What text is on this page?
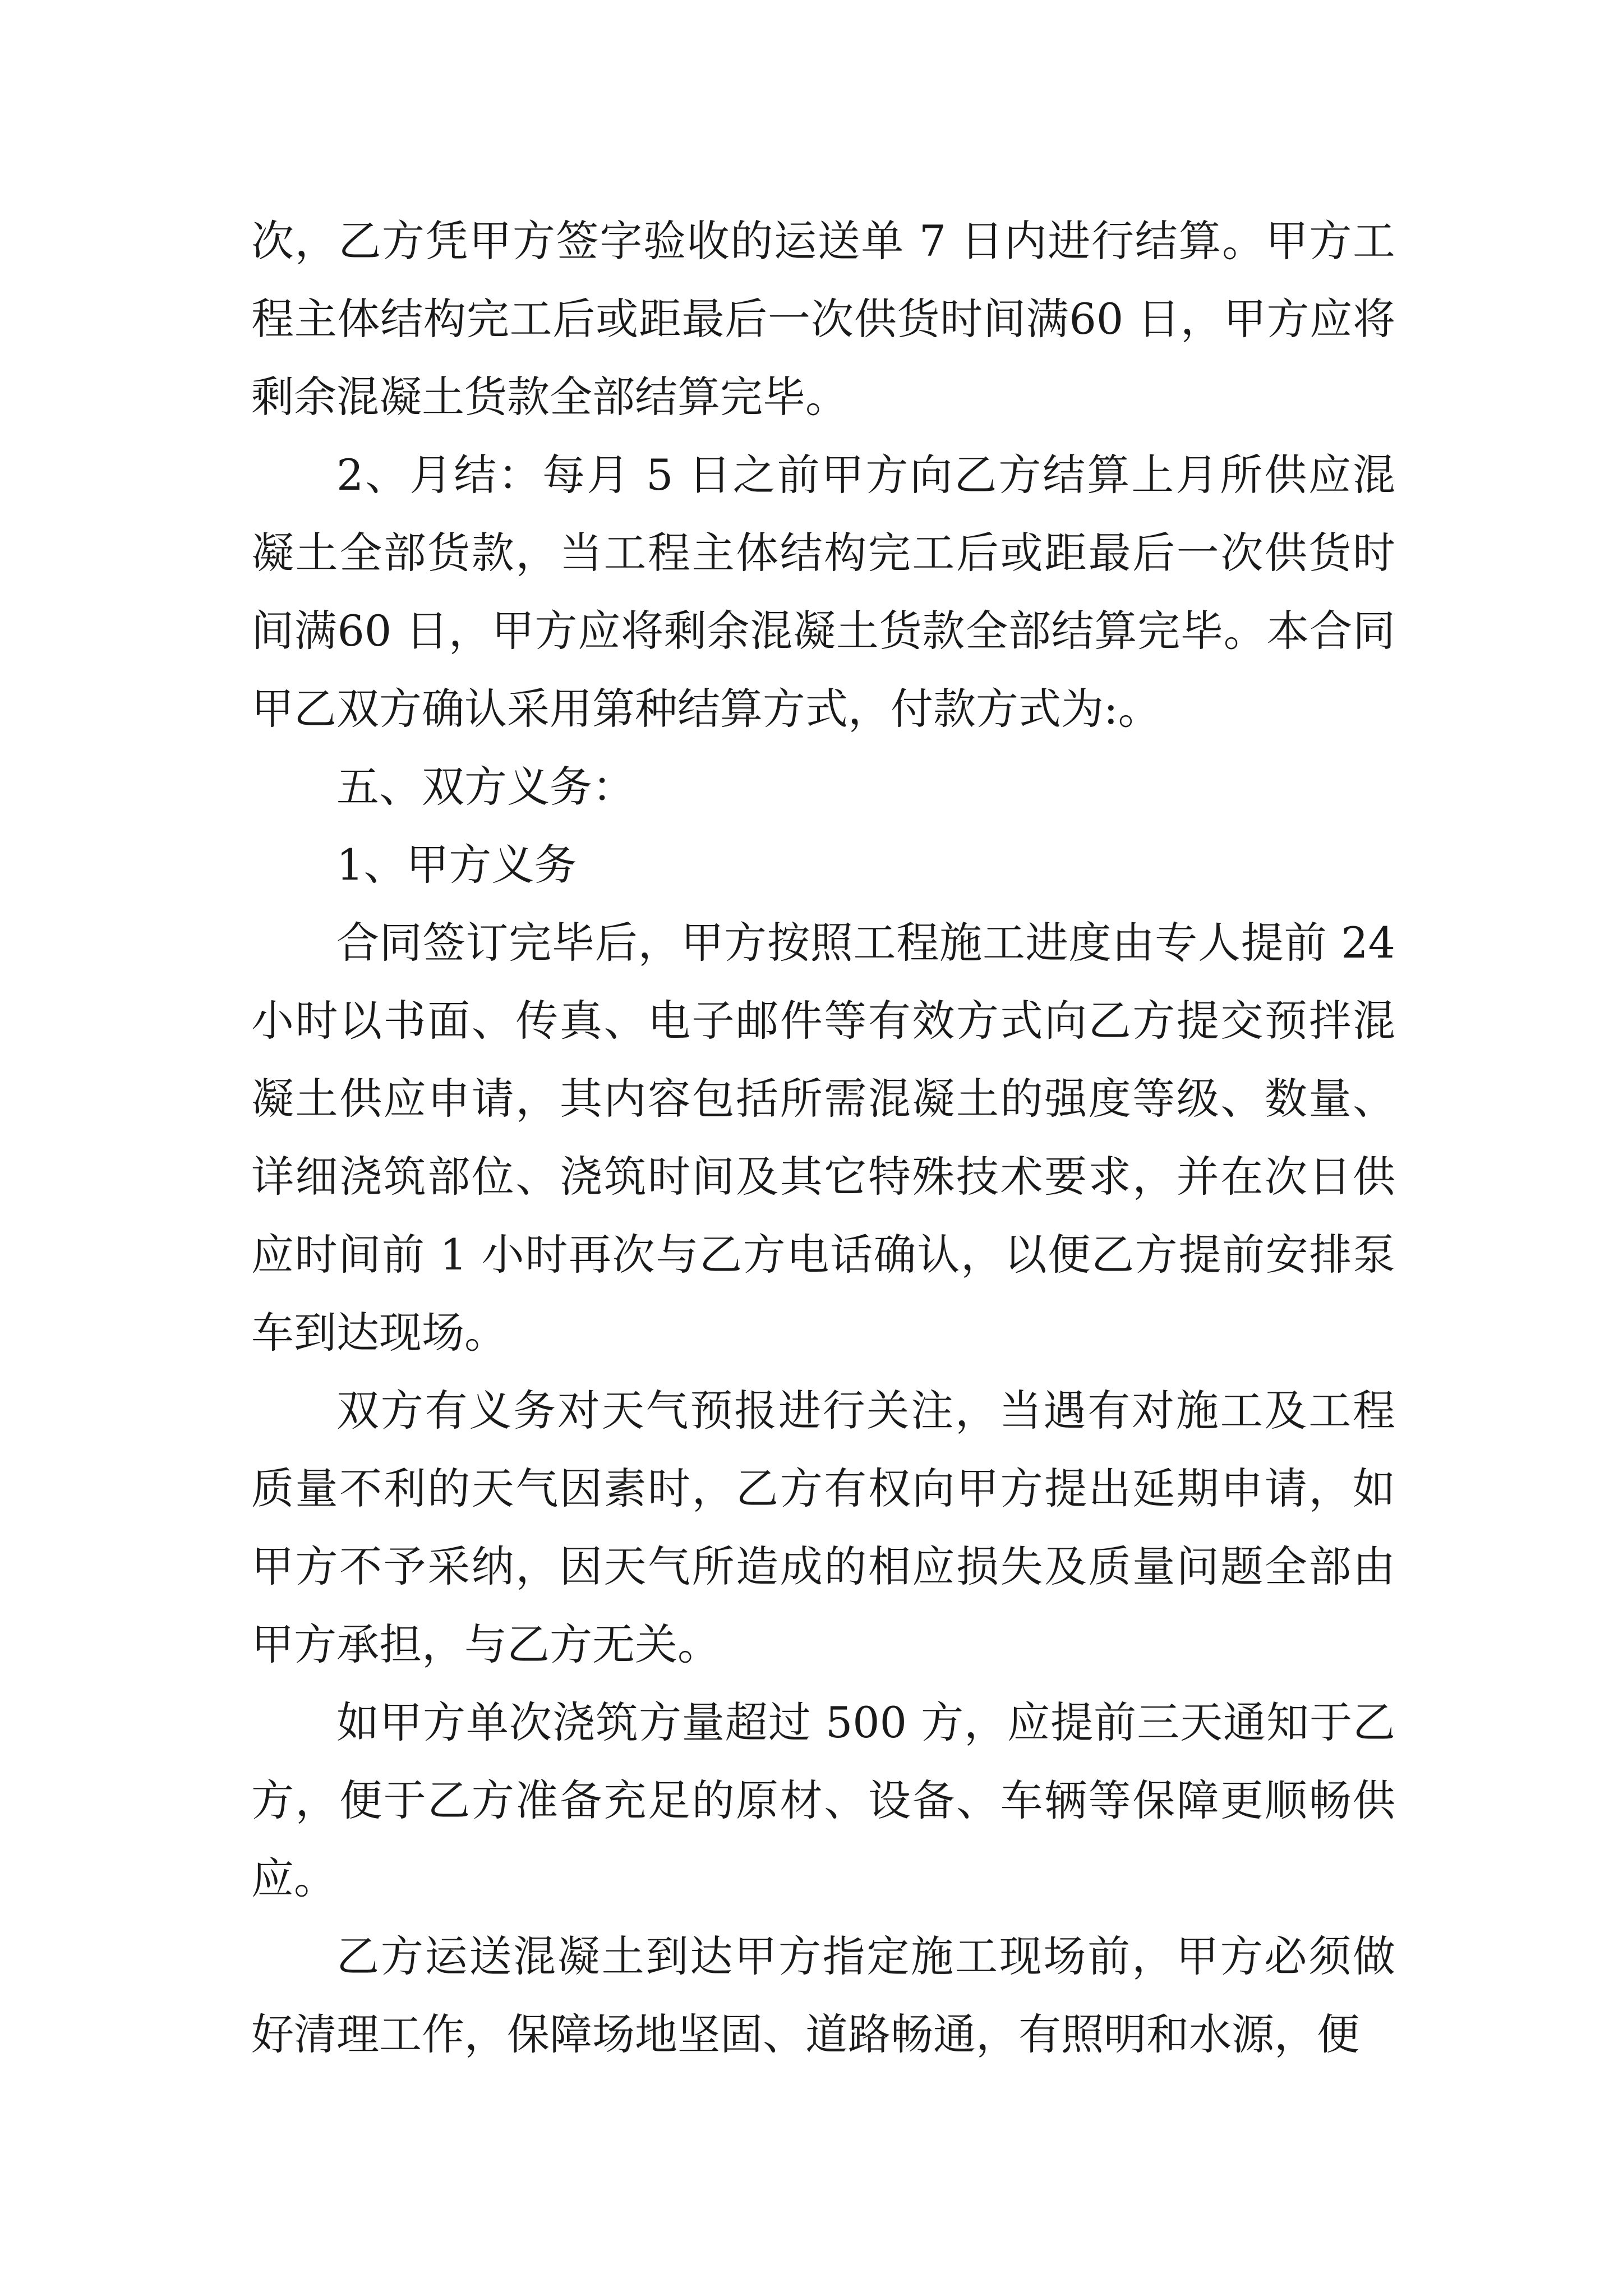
次，乙方凭甲方签字验收的运送单 7 日内进行结算。甲方工程主体结构完工后或距最后一次供货时间满60 日，甲方应将剩余混凝土货款全部结算完毕。

2、月结：每月 5 日之前甲方向乙方结算上月所供应混凝土全部货款，当工程主体结构完工后或距最后一次供货时间满60 日，甲方应将剩余混凝土货款全部结算完毕。本合同甲乙双方确认采用第种结算方式，付款方式为:。

五、双方义务：

1、甲方义务

合同签订完毕后，甲方按照工程施工进度由专人提前 24 小时以书面、传真、电子邮件等有效方式向乙方提交预拌混凝土供应申请，其内容包括所需混凝土的强度等级、数量、详细浇筑部位、浇筑时间及其它特殊技术要求，并在次日供应时间前 1 小时再次与乙方电话确认，以便乙方提前安排泵车到达现场。

双方有义务对天气预报进行关注，当遇有对施工及工程质量不利的天气因素时，乙方有权向甲方提出延期申请，如甲方不予采纳，因天气所造成的相应损失及质量问题全部由甲方承担，与乙方无关。

如甲方单次浇筑方量超过 500 方，应提前三天通知于乙方，便于乙方准备充足的原材、设备、车辆等保障更顺畅供应。

乙方运送混凝土到达甲方指定施工现场前，甲方必须做好清理工作，保障场地坚固、道路畅通，有照明和水源，便
